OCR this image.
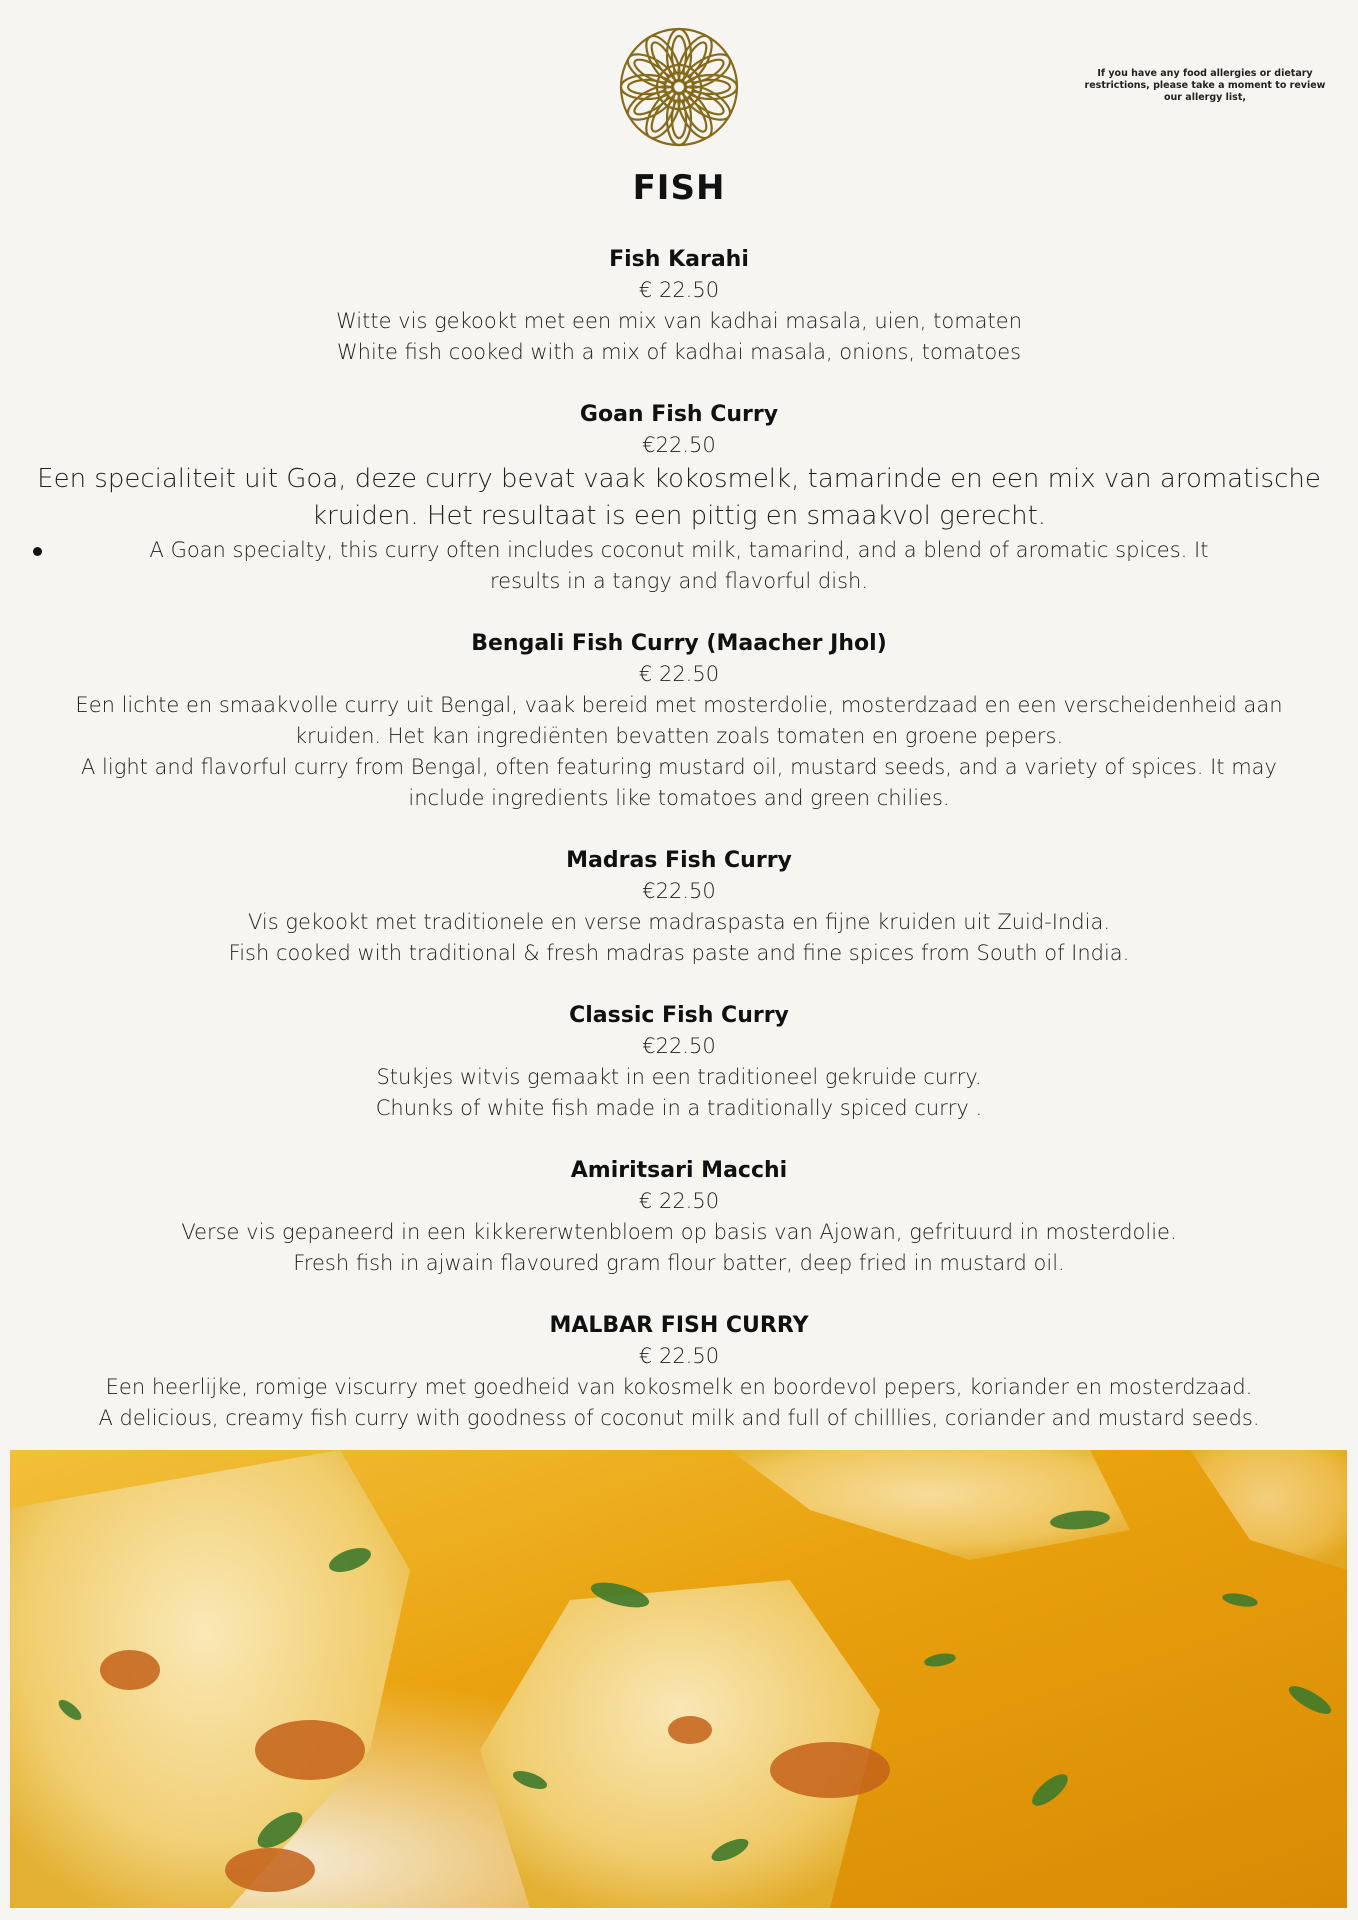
If you have any food allergies or dietary restrictions, please take a moment to review our allergy list,
FISH
Fish Karahi
€ 22.50
Witte vis gekookt met een mix van kadhai masala, uien, tomaten
White fish cooked with a mix of kadhai masala, onions, tomatoes
Goan Fish Curry
€22.50
Een specialiteit uit Goa, deze curry bevat vaak kokosmelk, tamarinde en een mix van aromatische kruiden. Het resultaat is een pittig en smaakvol gerecht.
A Goan specialty, this curry often includes coconut milk, tamarind, and a blend of aromatic spices. It results in a tangy and flavorful dish.
Bengali Fish Curry (Maacher Jhol)
€ 22.50
Een lichte en smaakvolle curry uit Bengal, vaak bereid met mosterdolie, mosterdzaad en een verscheidenheid aan kruiden. Het kan ingrediënten bevatten zoals tomaten en groene pepers.
A light and flavorful curry from Bengal, often featuring mustard oil, mustard seeds, and a variety of spices. It may include ingredients like tomatoes and green chilies.
Madras Fish Curry
€22.50
Vis gekookt met traditionele en verse madraspasta en fijne kruiden uit Zuid-India.
Fish cooked with traditional & fresh madras paste and fine spices from South of India.
Classic Fish Curry
€22.50
Stukjes witvis gemaakt in een traditioneel gekruide curry.
Chunks of white fish made in a traditionally spiced curry .
Amiritsari Macchi
€ 22.50
Verse vis gepaneerd in een kikkererwtenbloem op basis van Ajowan, gefrituurd in mosterdolie.
Fresh fish in ajwain flavoured gram flour batter, deep fried in mustard oil.
MALBAR FISH CURRY
€ 22.50
Een heerlijke, romige viscurry met goedheid van kokosmelk en boordevol pepers, koriander en mosterdzaad.
A delicious, creamy fish curry with goodness of coconut milk and full of chilllies, coriander and mustard seeds.
